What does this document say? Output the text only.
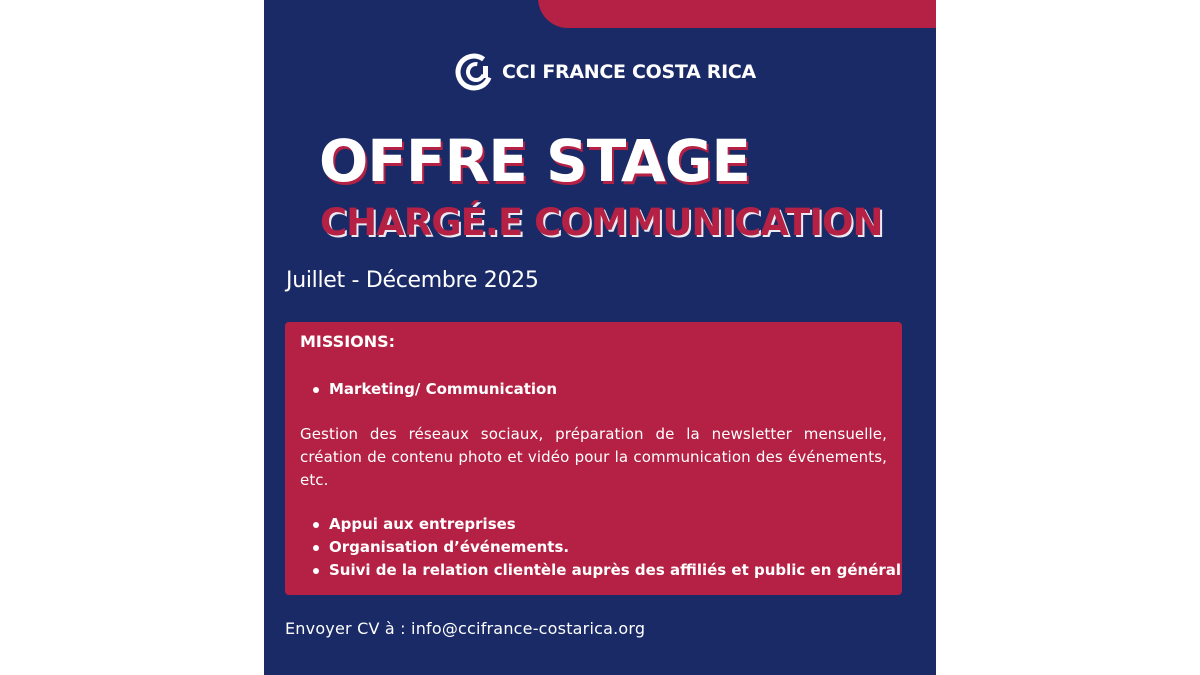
CCI FRANCE COSTA RICA
OFFRE STAGE
CHARGÉ.E COMMUNICATION
Juillet - Décembre 2025
MISSIONS:
Marketing/ Communication

Gestion des réseaux sociaux, préparation de la newsletter mensuelle, création de contenu photo et vidéo pour la communication des événements, etc.

Appui aux entreprises
Organisation d’événements.
Suivi de la relation clientèle auprès des affiliés et public en général
Envoyer CV à : info@ccifrance-costarica.org
